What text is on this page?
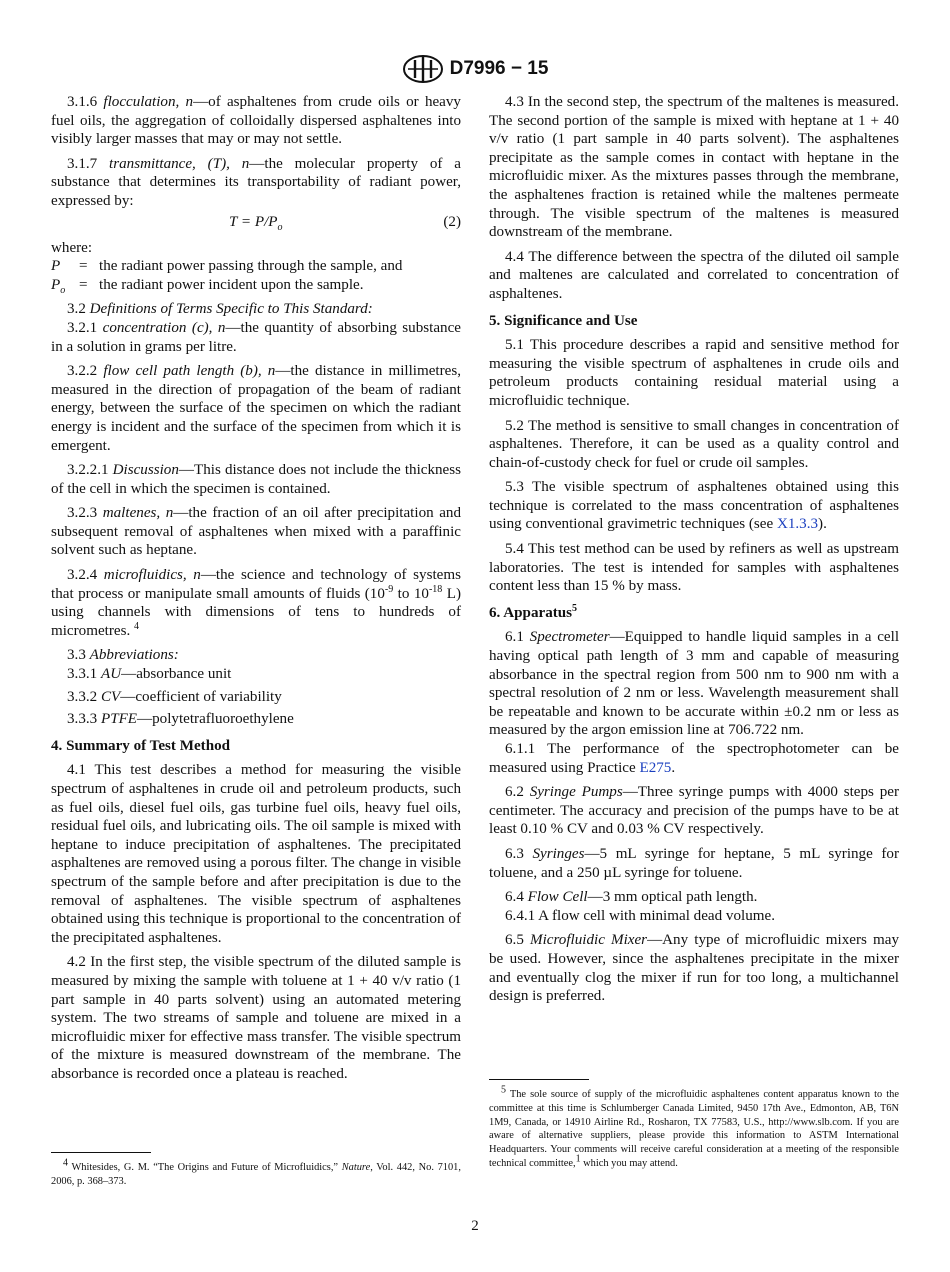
D7996 − 15

3.1.6 flocculation, n—of asphaltenes from crude oils or heavy fuel oils, the aggregation of colloidally dispersed asphaltenes into visibly larger masses that may or may not settle.

3.1.7 transmittance, (T), n—the molecular property of a substance that determines its transportability of radiant power, expressed by:

$T = P/P_o$	(2)

where:

P	= the radiant power passing through the sample, and
$P_o$ = the radiant power incident upon the sample.

3.2 Definitions of Terms Specific to This Standard:

3.2.1 concentration (c), n—the quantity of absorbing substance in a solution in grams per litre.

3.2.2 flow cell path length (b), n—the distance in millimetres, measured in the direction of propagation of the beam of radiant energy, between the surface of the specimen on which the radiant energy is incident and the surface of the specimen from which it is emergent.

3.2.2.1 Discussion—This distance does not include the thickness of the cell in which the specimen is contained.

3.2.3 maltenes, n—the fraction of an oil after precipitation and subsequent removal of asphaltenes when mixed with a paraffinic solvent such as heptane.

3.2.4 microfluidics, n—the science and technology of systems that process or manipulate small amounts of fluids ($10^{-9}$ to $10^{-18}$ L) using channels with dimensions of tens to hundreds of micrometres. $^4$

3.3 Abbreviations:

3.3.1 AU—absorbance unit

3.3.2 CV—coefficient of variability

3.3.3 PTFE—polytetrafluoroethylene

4. Summary of Test Method

4.1 This test describes a method for measuring the visible spectrum of asphaltenes in crude oil and petroleum products, such as fuel oils, diesel fuel oils, gas turbine fuel oils, heavy fuel oils, residual fuel oils, and lubricating oils. The oil sample is mixed with heptane to induce precipitation of asphaltenes. The precipitated asphaltenes are removed using a porous filter. The change in visible spectrum of the sample before and after precipitation is due to the removal of asphaltenes. The visible spectrum of asphaltenes obtained using this technique is proportional to the concentration of the precipitated asphaltenes.

4.2 In the first step, the visible spectrum of the diluted sample is measured by mixing the sample with toluene at 1 + 40 v/v ratio (1 part sample in 40 parts solvent) using an automated metering system. The two streams of sample and toluene are mixed in a microfluidic mixer for effective mass transfer. The visible spectrum of the mixture is measured downstream of the membrane. The absorbance is recorded once a plateau is reached.

$^4$ Whitesides, G. M. “The Origins and Future of Microfluidics,” Nature, Vol. 442, No. 7101, 2006, p. 368–373.

4.3 In the second step, the spectrum of the maltenes is measured. The second portion of the sample is mixed with heptane at 1 + 40 v/v ratio (1 part sample in 40 parts solvent). The asphaltenes precipitate as the sample comes in contact with heptane in the microfluidic mixer. As the mixtures passes through the membrane, the asphaltenes fraction is retained while the maltenes permeate through. The visible spectrum of the maltenes is measured downstream of the membrane.

4.4 The difference between the spectra of the diluted oil sample and maltenes are calculated and correlated to concentration of asphaltenes.

5. Significance and Use

5.1 This procedure describes a rapid and sensitive method for measuring the visible spectrum of asphaltenes in crude oils and petroleum products containing residual material using a microfluidic technique.

5.2 The method is sensitive to small changes in concentration of asphaltenes. Therefore, it can be used as a quality control and chain-of-custody check for fuel or crude oil samples.

5.3 The visible spectrum of asphaltenes obtained using this technique is correlated to the mass concentration of asphaltenes using conventional gravimetric techniques (see X1.3.3).

5.4 This test method can be used by refiners as well as upstream laboratories. The test is intended for samples with asphaltenes content less than 15 % by mass.

6. Apparatus$^5$

6.1 Spectrometer—Equipped to handle liquid samples in a cell having optical path length of 3 mm and capable of measuring absorbance in the spectral region from 500 nm to 900 nm with a spectral resolution of 2 nm or less. Wavelength measurement shall be repeatable and known to be accurate within ±0.2 nm or less as measured by the argon emission line at 706.722 nm.

6.1.1 The performance of the spectrophotometer can be measured using Practice E275.

6.2 Syringe Pumps—Three syringe pumps with 4000 steps per centimeter. The accuracy and precision of the pumps have to be at least 0.10 % CV and 0.03 % CV respectively.

6.3 Syringes—5 mL syringe for heptane, 5 mL syringe for toluene, and a 250 µL syringe for toluene.

6.4 Flow Cell—3 mm optical path length.

6.4.1 A flow cell with minimal dead volume.

6.5 Microfluidic Mixer—Any type of microfluidic mixers may be used. However, since the asphaltenes precipitate in the mixer and eventually clog the mixer if run for too long, a multichannel design is preferred.

$^5$ The sole source of supply of the microfluidic asphaltenes content apparatus known to the committee at this time is Schlumberger Canada Limited, 9450 17th Ave., Edmonton, AB, T6N 1M9, Canada, or 14910 Airline Rd., Rosharon, TX 77583, U.S., http://www.slb.com. If you are aware of alternative suppliers, please provide this information to ASTM International Headquarters. Your comments will receive careful consideration at a meeting of the responsible technical committee,$^1$ which you may attend.

2
